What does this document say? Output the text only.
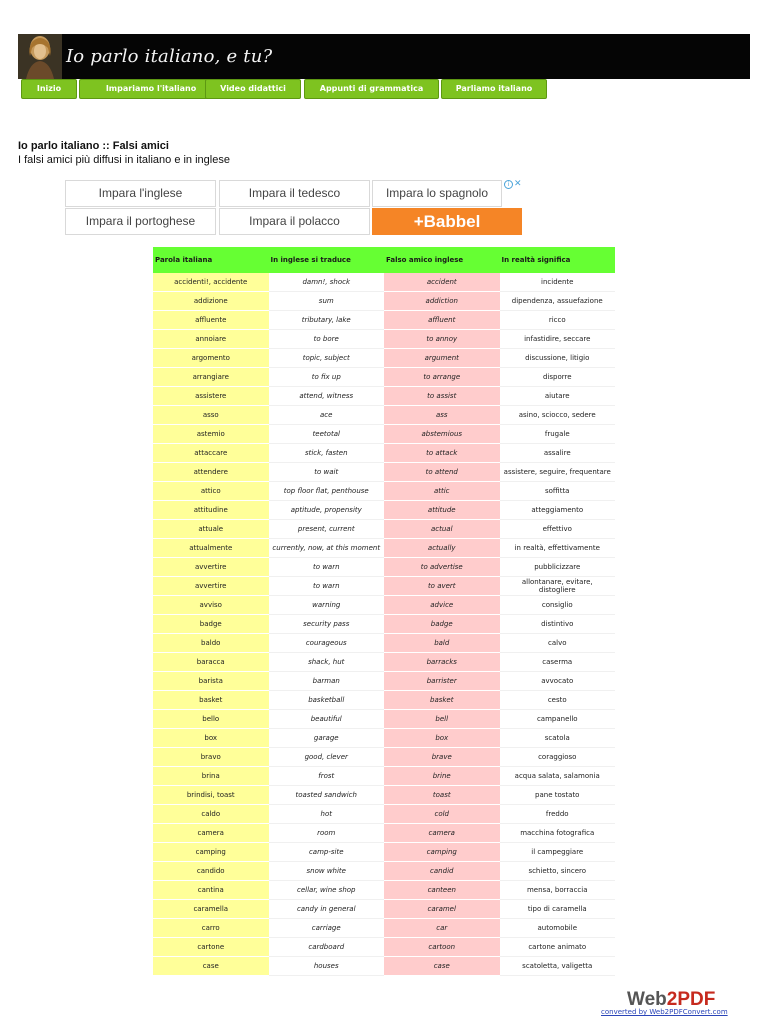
Io parlo italiano, e tu?
Inizio	Impariamo l'italiano	Video didattici	Appunti di grammatica	Parliamo italiano
Io parlo italiano :: Falsi amici
I falsi amici più diffusi in italiano e in inglese
Impara l'inglese	Impara il tedesco	Impara lo spagnolo
Impara il portoghese	Impara il polacco	+Babbel
i ✕
Parola italiana	In inglese si traduce	Falso amico inglese	In realtà significa
accidenti!, accidente	damn!, shock	accident	incidente
addizione	sum	addiction	dipendenza, assuefazione
affluente	tributary, lake	affluent	ricco
annoiare	to bore	to annoy	infastidire, seccare
argomento	topic, subject	argument	discussione, litigio
arrangiare	to fix up	to arrange	disporre
assistere	attend, witness	to assist	aiutare
asso	ace	ass	asino, sciocco, sedere
astemio	teetotal	abstemious	frugale
attaccare	stick, fasten	to attack	assalire
attendere	to wait	to attend	assistere, seguire, frequentare
attico	top floor flat, penthouse	attic	soffitta
attitudine	aptitude, propensity	attitude	atteggiamento
attuale	present, current	actual	effettivo
attualmente	currently, now, at this moment	actually	in realtà, effettivamente
avvertire	to warn	to advertise	pubblicizzare
avvertire	to warn	to avert	allontanare, evitare, distogliere
avviso	warning	advice	consiglio
badge	security pass	badge	distintivo
baldo	courageous	bald	calvo
baracca	shack, hut	barracks	caserma
barista	barman	barrister	avvocato
basket	basketball	basket	cesto
bello	beautiful	bell	campanello
box	garage	box	scatola
bravo	good, clever	brave	coraggioso
brina	frost	brine	acqua salata, salamonia
brindisi, toast	toasted sandwich	toast	pane tostato
caldo	hot	cold	freddo
camera	room	camera	macchina fotografica
camping	camp-site	camping	il campeggiare
candido	snow white	candid	schietto, sincero
cantina	cellar, wine shop	canteen	mensa, borraccia
caramella	candy in general	caramel	tipo di caramella
carro	carriage	car	automobile
cartone	cardboard	cartoon	cartone animato
case	houses	case	scatoletta, valigetta
Web2PDF
converted by Web2PDFConvert.com
